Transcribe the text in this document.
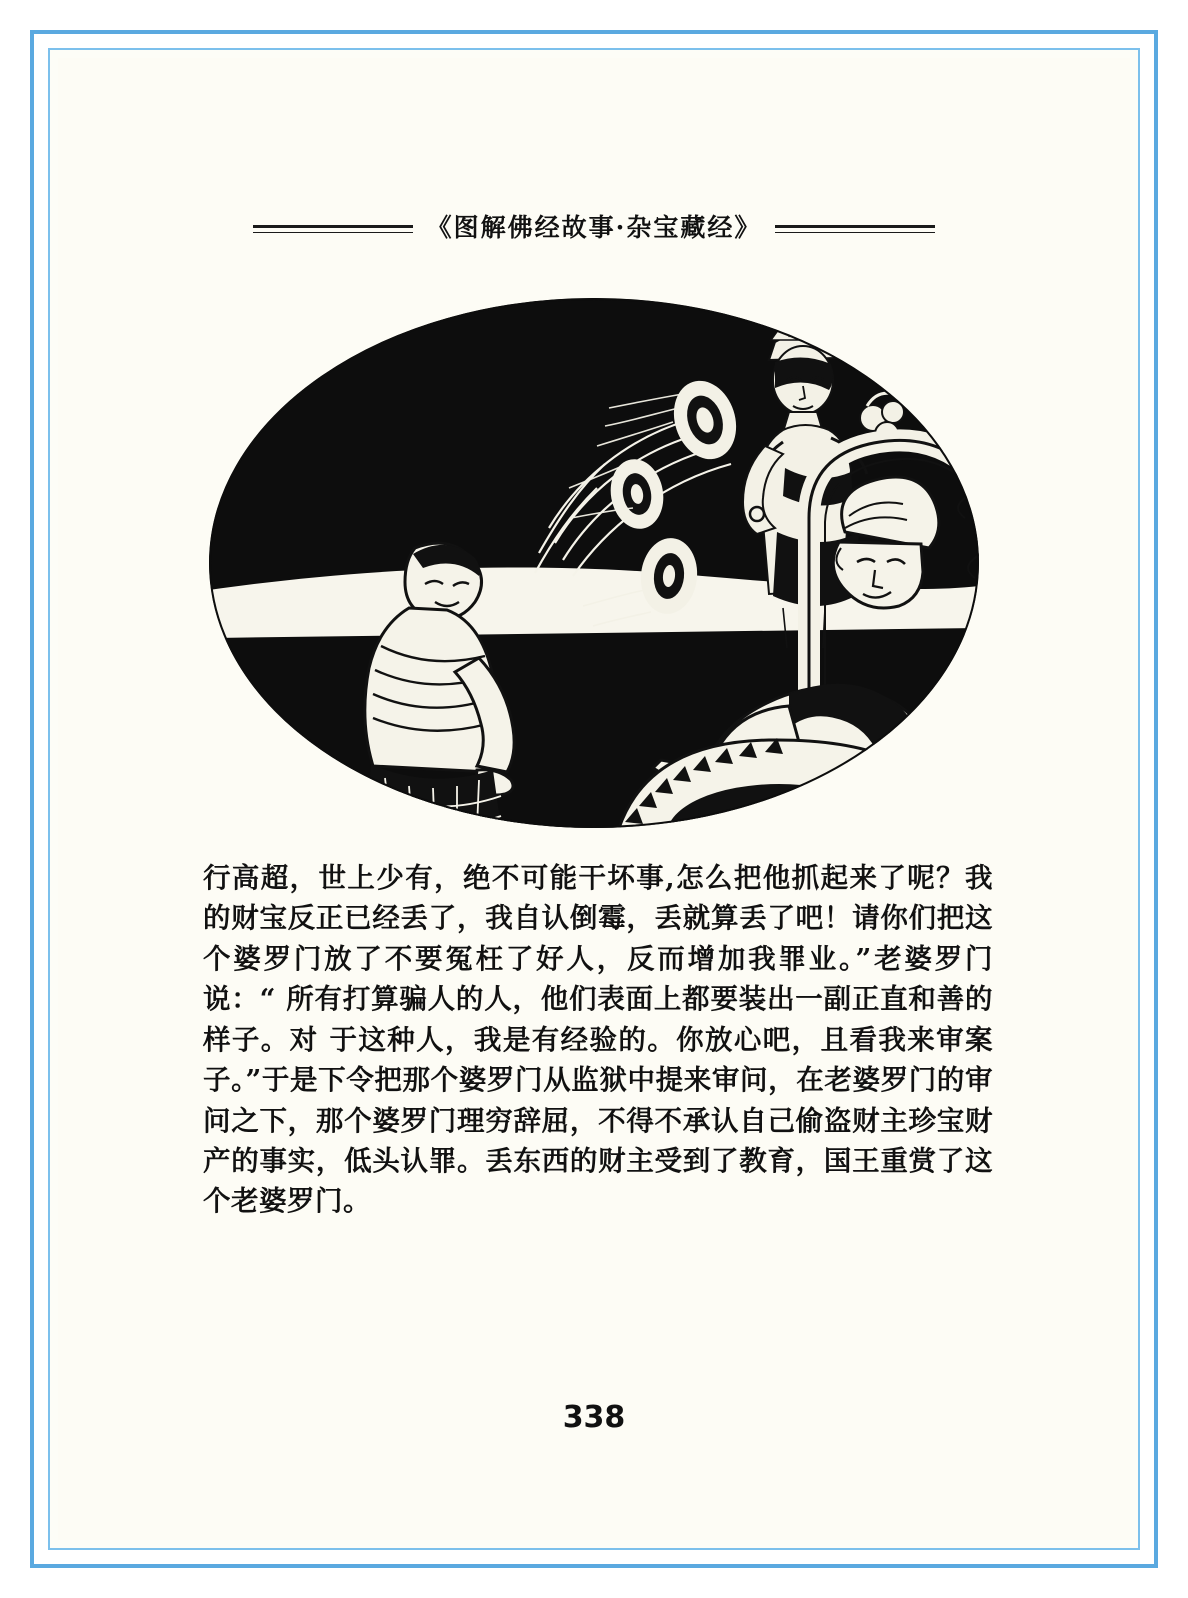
《图解佛经故事·杂宝藏经》

行高超，世上少有，绝不可能干坏事,怎么把他抓起来了呢？我的财宝反正已经丢了，我自认倒霉，丢就算丢了吧！请你们把这个婆罗门放了不要冤枉了好人，反而增加我罪业。”老婆罗门说：“ 所有打算骗人的人，他们表面上都要装出一副正直和善的样子。对 于这种人，我是有经验的。你放心吧，且看我来审案子。”于是下令把那个婆罗门从监狱中提来审问，在老婆罗门的审问之下，那个婆罗门理穷辞屈，不得不承认自己偷盗财主珍宝财产的事实，低头认罪。丢东西的财主受到了教育，国王重赏了这个老婆罗门。

338
